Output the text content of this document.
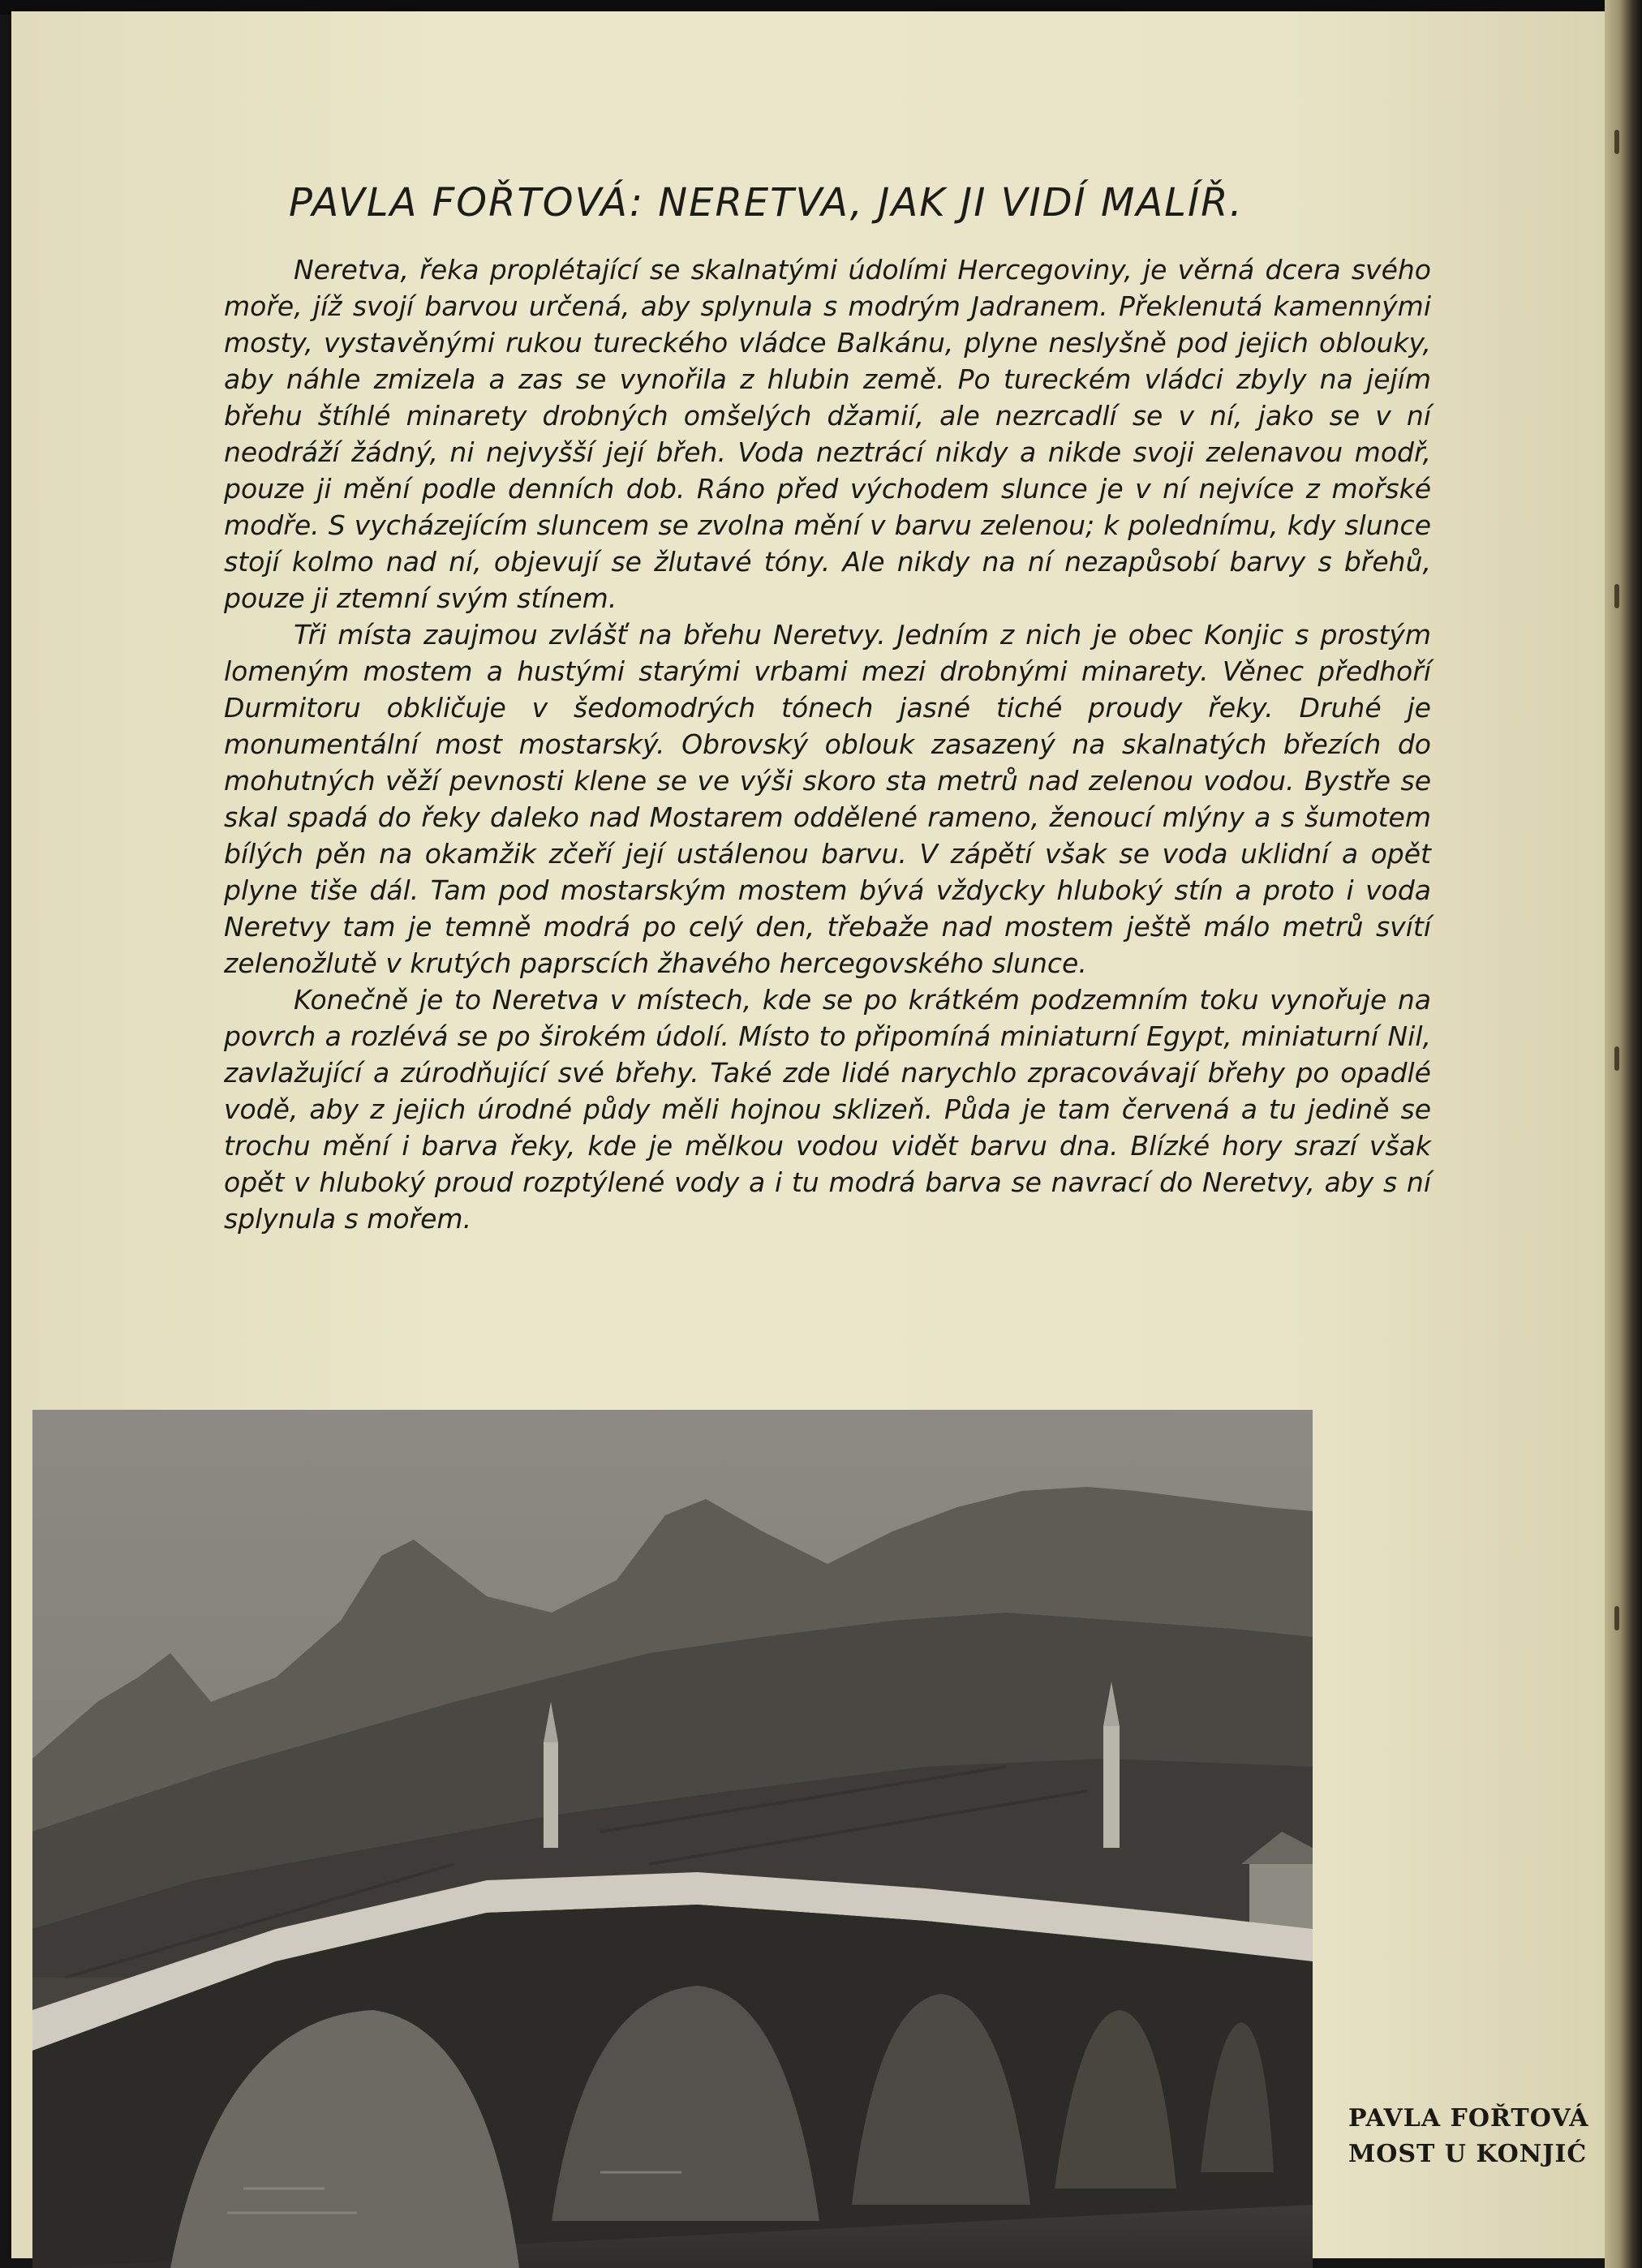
PAVLA FOŘTOVÁ: NERETVA, JAK JI VIDÍ MALÍŘ.

Neretva, řeka proplétající se skalnatými údolími Hercegoviny, je věrná dcera svého moře, jíž svojí barvou určená, aby splynula s modrým Jadranem. Překlenutá kamennými mosty, vystavěnými rukou tureckého vládce Balkánu, plyne neslyšně pod jejich oblouky, aby náhle zmizela a zas se vynořila z hlubin země. Po tureckém vládci zbyly na jejím břehu štíhlé minarety drobných omšelých džamií, ale nezrcadlí se v ní, jako se v ní neodráží žádný, ni nejvyšší její břeh. Voda neztrácí nikdy a nikde svoji zelenavou modř, pouze ji mění podle denních dob. Ráno před východem slunce je v ní nejvíce z mořské modře. S vycházejícím sluncem se zvolna mění v barvu zelenou; k polednímu, kdy slunce stojí kolmo nad ní, objevují se žlutavé tóny. Ale nikdy na ní nezapůsobí barvy s břehů, pouze ji ztemní svým stínem.

Tři místa zaujmou zvlášť na břehu Neretvy. Jedním z nich je obec Konjic s prostým lomeným mostem a hustými starými vrbami mezi drobnými minarety. Věnec předhoří Durmitoru obkličuje v šedomodrých tónech jasné tiché proudy řeky. Druhé je monumentální most mostarský. Obrovský oblouk zasazený na skalnatých březích do mohutných věží pevnosti klene se ve výši skoro sta metrů nad zelenou vodou. Bystře se skal spadá do řeky daleko nad Mostarem oddělené rameno, ženoucí mlýny a s šumotem bílých pěn na okamžik zčeří její ustálenou barvu. V zápětí však se voda uklidní a opět plyne tiše dál. Tam pod mostarským mostem bývá vždycky hluboký stín a proto i voda Neretvy tam je temně modrá po celý den, třebaže nad mostem ještě málo metrů svítí zelenožlutě v krutých paprscích žhavého hercegovského slunce.

Konečně je to Neretva v místech, kde se po krátkém podzemním toku vynořuje na povrch a rozlévá se po širokém údolí. Místo to připomíná miniaturní Egypt, miniaturní Nil, zavlažující a zúrodňující své břehy. Také zde lidé narychlo zpracovávají břehy po opadlé vodě, aby z jejich úrodné půdy měli hojnou sklizeň. Půda je tam červená a tu jedině se trochu mění i barva řeky, kde je mělkou vodou vidět barvu dna. Blízké hory srazí však opět v hluboký proud rozptýlené vody a i tu modrá barva se navrací do Neretvy, aby s ní splynula s mořem.

PAVLA FOŘTOVÁ
MOST U KONJIĆ
